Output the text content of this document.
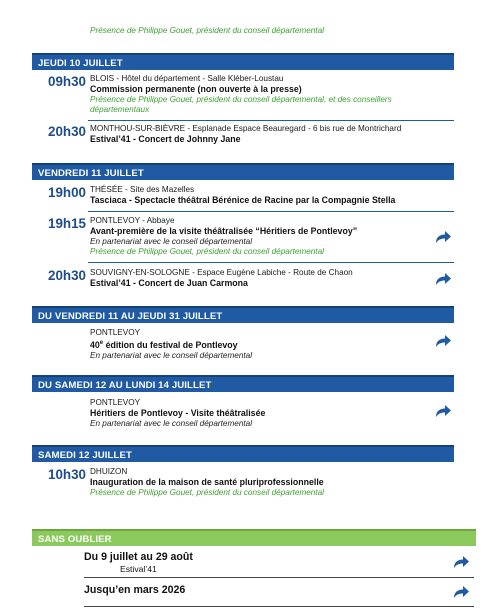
Présence de Philippe Gouet, président du conseil départemental
JEUDI 10 JUILLET
09h30 BLOIS - Hôtel du département - Salle Kléber-Loustau
Commission permanente (non ouverte à la presse)
Présence de Philippe Gouet, président du conseil départemental, et des conseillers
départementaux
20h30 MONTHOU-SUR-BIÈVRE - Esplanade Espace Beauregard - 6 bis rue de Montrichard
Estival’41 - Concert de Johnny Jane
VENDREDI 11 JUILLET
19h00 THÉSÉE - Site des Mazelles
Tasciaca - Spectacle théâtral Bérénice de Racine par la Compagnie Stella
19h15 PONTLEVOY - Abbaye
Avant-première de la visite théâtralisée “Héritiers de Pontlevoy”
En partenariat avec le conseil départemental
Présence de Philippe Gouet, président du conseil départemental
20h30 SOUVIGNY-EN-SOLOGNE - Espace Eugène Labiche - Route de Chaon
Estival’41 - Concert de Juan Carmona
DU VENDREDI 11 AU JEUDI 31 JUILLET
PONTLEVOY
40e édition du festival de Pontlevoy
En partenariat avec le conseil départemental
DU SAMEDI 12 AU LUNDI 14 JUILLET
PONTLEVOY
Héritiers de Pontlevoy - Visite théâtralisée
En partenariat avec le conseil départemental
SAMEDI 12 JUILLET
10h30 DHUIZON
Inauguration de la maison de santé pluriprofessionnelle
Présence de Philippe Gouet, président du conseil départemental
SANS OUBLIER
Du 9 juillet au 29 août
Estival’41
Jusqu’en mars 2026
